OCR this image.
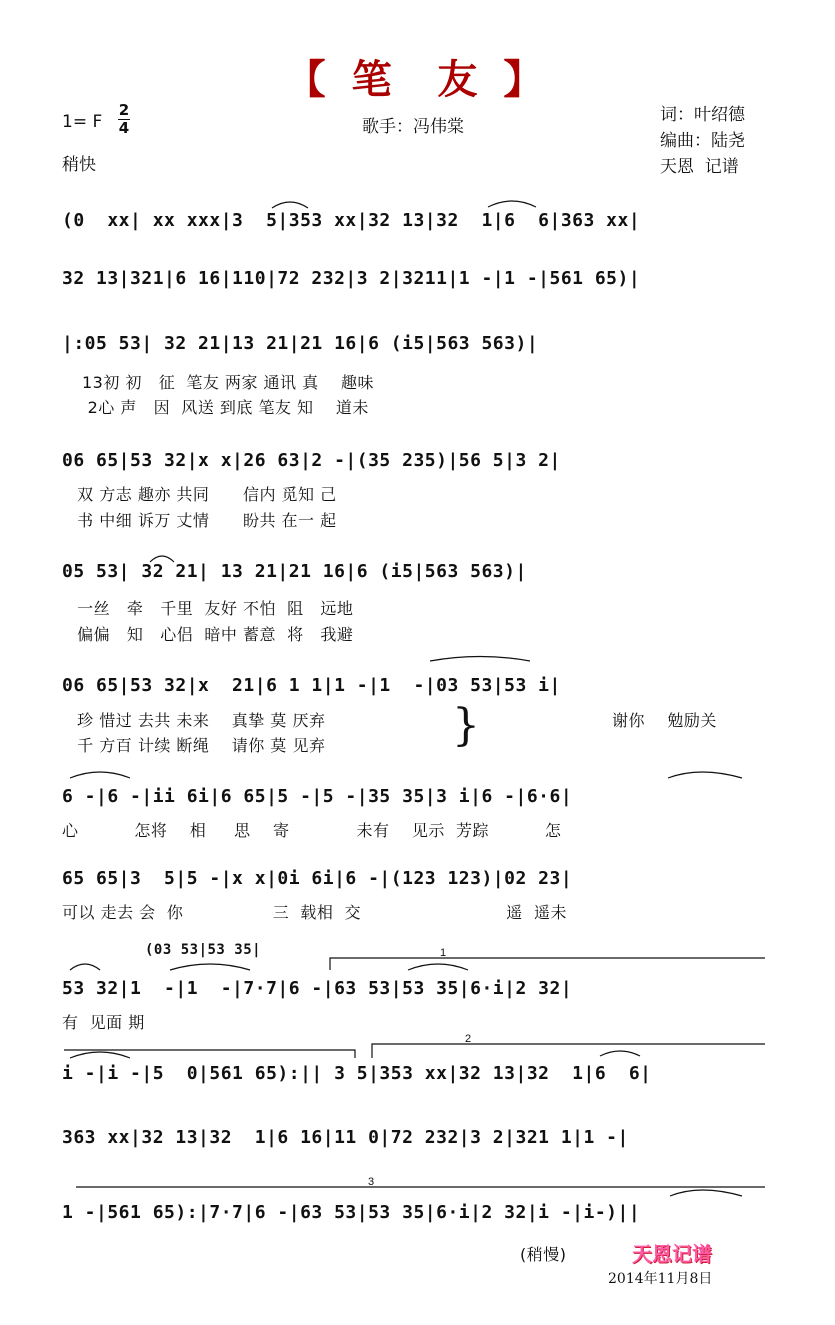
【 笔  友 】
1= F
2
4
稍快
歌手：冯伟棠
词：叶绍德
编曲：陆尧
天恩  记谱
(0  xx| xx xxx|3  5|353 xx|32 13|32  1|6  6|363 xx|
32 13|321|6 16|110|72 232|3 2|3211|1 -|1 -|561 65)|
|:05 53| 32 21|13 21|21 16|6 (i5|563 563)|
13初 初   征  笔友 两家 通讯 真    趣味
2心 声   因  风送 到底 笔友 知    道未
06 65|53 32|x x|26 63|2 -|(35 235)|56 5|3 2|
双 方志 趣亦 共同      信内 觅知 己
书 中细 诉万 丈情      盼共 在一 起
05 53| 32 21| 13 21|21 16|6 (i5|563 563)|
一丝   牵   千里  友好 不怕  阻   远地
偏偏   知   心侣  暗中 蓄意  将   我避
06 65|53 32|x  21|6 1 1|1 -|1  -|03 53|53 i|
珍 惜过 去共 未来    真挚 莫 厌弃
千 方百 计续 断绳    请你 莫 见弃	}	谢你    勉励关
6 -|6 -|ii 6i|6 65|5 -|5 -|35 35|3 i|6 -|6·6|
心          怎将    相     思    寄            未有    见示  芳踪          怎
65 65|3  5|5 -|x x|0i 6i|6 -|(123 123)|02 23|
可以 走去 会  你                三  载相  交                          遥  遥未
(03 53|53 35|
53 32|1  -|1  -|7·7|6 -|63 53|53 35|6·i|2 32|
有  见面 期
i -|i -|5  0|561 65):|| 3 5|353 xx|32 13|32  1|6  6|
363 xx|32 13|32  1|6 16|11 0|72 232|3 2|321 1|1 -|
1 -|561 65):|7·7|6 -|63 53|53 35|6·i|2 32|i -|i-)||
1
2
3
(稍慢)	天恩记谱
2014年11月8日
